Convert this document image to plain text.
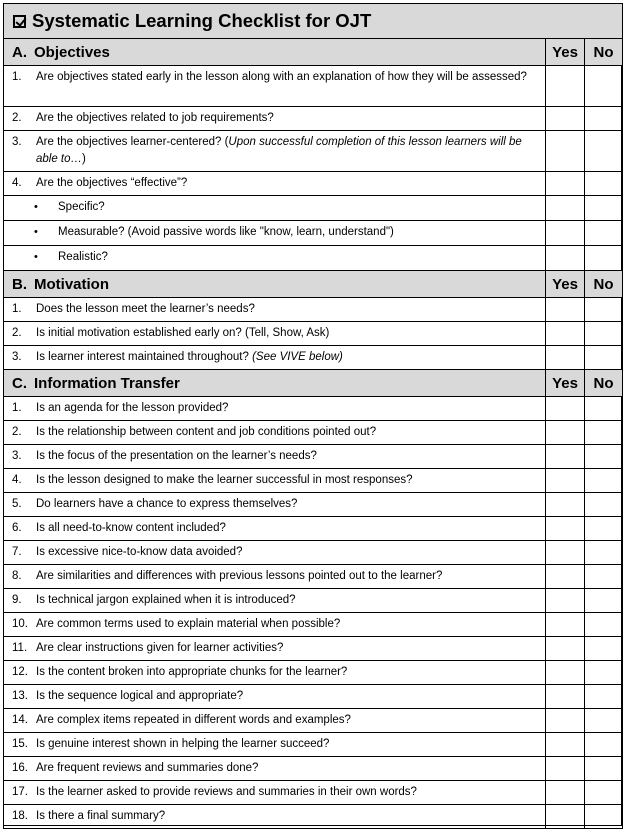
Systematic Learning Checklist for OJT		
A. Objectives	Yes	No

1. Are objectives stated early in the lesson along with an explanation of how they will be assessed?		

2. Are the objectives related to job requirements?		

3. Are the objectives learner-centered? (Upon successful completion of this lesson learners will be able to…)		

4. Are the objectives “effective”?		

• Specific?		

• Measurable? (Avoid passive words like "know, learn, understand")		

• Realistic?		

B. Motivation	Yes	No

1. Does the lesson meet the learner’s needs?		

2. Is initial motivation established early on? (Tell, Show, Ask)		

3. Is learner interest maintained throughout? (See VIVE below)		

C. Information Transfer	Yes	No

1. Is an agenda for the lesson provided?		

2. Is the relationship between content and job conditions pointed out?		

3. Is the focus of the presentation on the learner’s needs?		

4. Is the lesson designed to make the learner successful in most responses?		

5. Do learners have a chance to express themselves?		

6. Is all need-to-know content included?		

7. Is excessive nice-to-know data avoided?		

8. Are similarities and differences with previous lessons pointed out to the learner?		

9. Is technical jargon explained when it is introduced?		

10. Are common terms used to explain material when possible?		

11. Are clear instructions given for learner activities?		

12. Is the content broken into appropriate chunks for the learner?		

13. Is the sequence logical and appropriate?		

14. Are complex items repeated in different words and examples?		

15. Is genuine interest shown in helping the learner succeed?		

16. Are frequent reviews and summaries done?		

17. Is the learner asked to provide reviews and summaries in their own words?		

18. Is there a final summary?		
